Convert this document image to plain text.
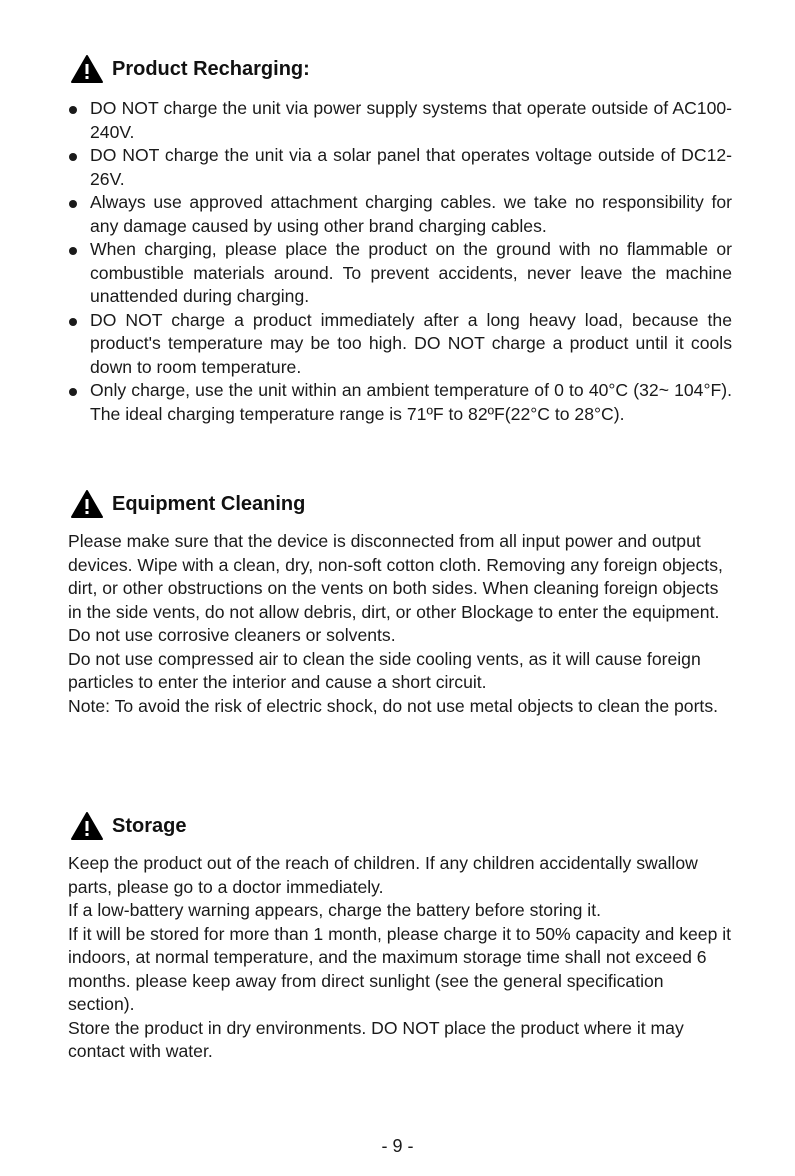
Product Recharging:
DO NOT charge the unit via power supply systems that operate outside of AC100-240V.
DO NOT charge the unit via a solar panel that operates voltage outside of DC12-26V.
Always use approved attachment charging cables. we take no responsibility for any damage caused by using other brand charging cables.
When charging, please place the product on the ground with no flammable or combustible materials around. To prevent accidents, never leave the machine unattended during charging.
DO NOT charge a product immediately after a long heavy load, because the product's temperature may be too high. DO NOT charge a product until it cools down to room temperature.
Only charge, use the unit within an ambient temperature of 0 to 40°C (32~ 104°F). The ideal charging temperature range is 71ºF to 82ºF(22°C to 28°C).
Equipment Cleaning

Please make sure that the device is disconnected from all input power and output devices. Wipe with a clean, dry, non-soft cotton cloth. Removing any foreign objects, dirt, or other obstructions on the vents on both sides. When cleaning foreign objects in the side vents, do not allow debris, dirt, or other Blockage to enter the equipment.

Do not use corrosive cleaners or solvents.

Do not use compressed air to clean the side cooling vents, as it will cause foreign particles to enter the interior and cause a short circuit.

Note: To avoid the risk of electric shock, do not use metal objects to clean the ports.

Storage

Keep the product out of the reach of children. If any children accidentally swallow parts, please go to a doctor immediately.

If a low-battery warning appears, charge the battery before storing it.

If it will be stored for more than 1 month, please charge it to 50% capacity and keep it indoors, at normal temperature, and the maximum storage time shall not exceed 6 months. please keep away from direct sunlight (see the general specification section).

Store the product in dry environments. DO NOT place the product where it may contact with water.

- 9 -
